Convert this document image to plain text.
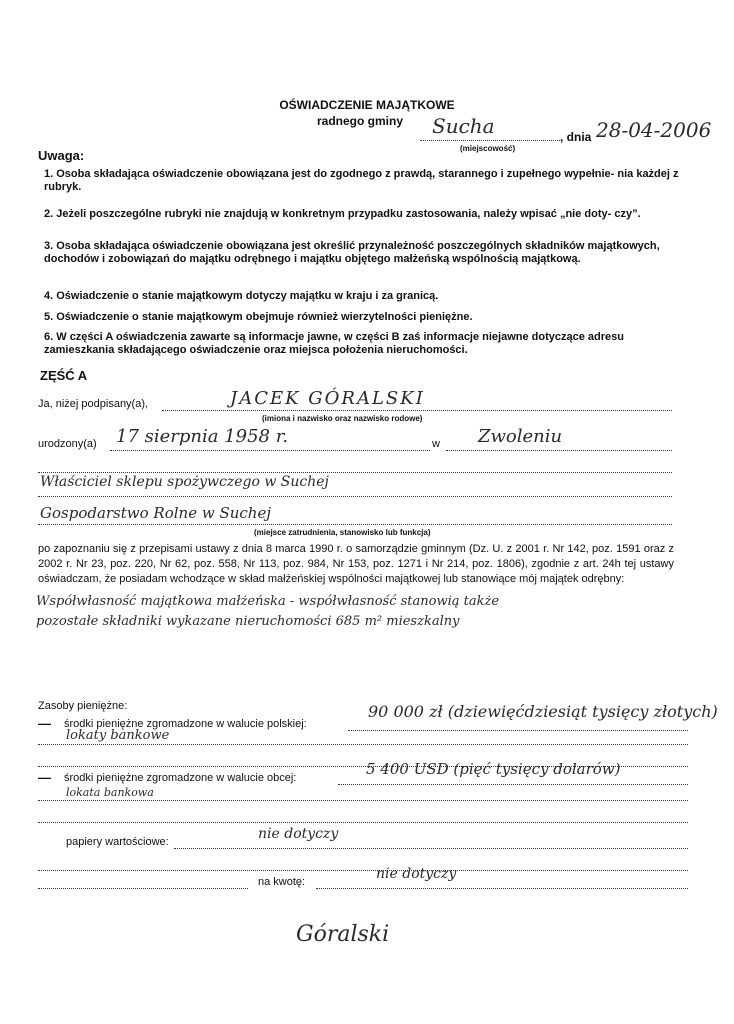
OŚWIADCZENIE MAJĄTKOWE
radnego gminy	Sucha
(miejscowość)
, dnia 28-04-2006
Uwaga:
1. Osoba składająca oświadczenie obowiązana jest do zgodnego z prawdą, starannego i zupełnego wypełnie- nia każdej z rubryk.
2. Jeżeli poszczególne rubryki nie znajdują w konkretnym przypadku zastosowania, należy wpisać „nie doty- czy”.
3. Osoba składająca oświadczenie obowiązana jest określić przynależność poszczególnych składników majątkowych, dochodów i zobowiązań do majątku odrębnego i majątku objętego małżeńską wspólnością majątkową.
4. Oświadczenie o stanie majątkowym dotyczy majątku w kraju i za granicą.
5. Oświadczenie o stanie majątkowym obejmuje również wierzytelności pieniężne.
6. W części A oświadczenia zawarte są informacje jawne, w części B zaś informacje niejawne dotyczące adresu zamieszkania składającego oświadczenie oraz miejsca położenia nieruchomości.
ZĘŚĆ A
Ja, niżej podpisany(a),	JACEK GÓRALSKI
(imiona i nazwisko oraz nazwisko rodowe)
urodzony(a) 17 sierpnia 1958 r.	w Zwoleniu
Właściciel sklepu spożywczego w Suchej
Gospodarstwo Rolne w Suchej
(miejsce zatrudnienia, stanowisko lub funkcja)
po zapoznaniu się z przepisami ustawy z dnia 8 marca 1990 r. o samorządzie gminnym (Dz. U. z 2001 r. Nr 142, poz. 1591 oraz z 2002 r. Nr 23, poz. 220, Nr 62, poz. 558, Nr 113, poz. 984, Nr 153, poz. 1271 i Nr 214, poz. 1806), zgodnie z art. 24h tej ustawy oświadczam, że posiadam wchodzące w skład małżeńskiej wspólności majątkowej lub stanowiące mój majątek odrębny:
Współwłasność majątkowa małżeńska - współwłasność stanowią także
pozostałe składniki wykazane nieruchomości 685 m² mieszkalny
Zasoby pieniężne:
— środki pieniężne zgromadzone w walucie polskiej:
90 000 zł (dziewięćdziesiąt tysięcy złotych)
lokaty bankowe
— środki pieniężne zgromadzone w walucie obcej:	5 400 USD (pięć tysięcy dolarów)
lokata bankowa
papiery wartościowe:	nie dotyczy
na kwotę:	nie dotyczy
Góralski
